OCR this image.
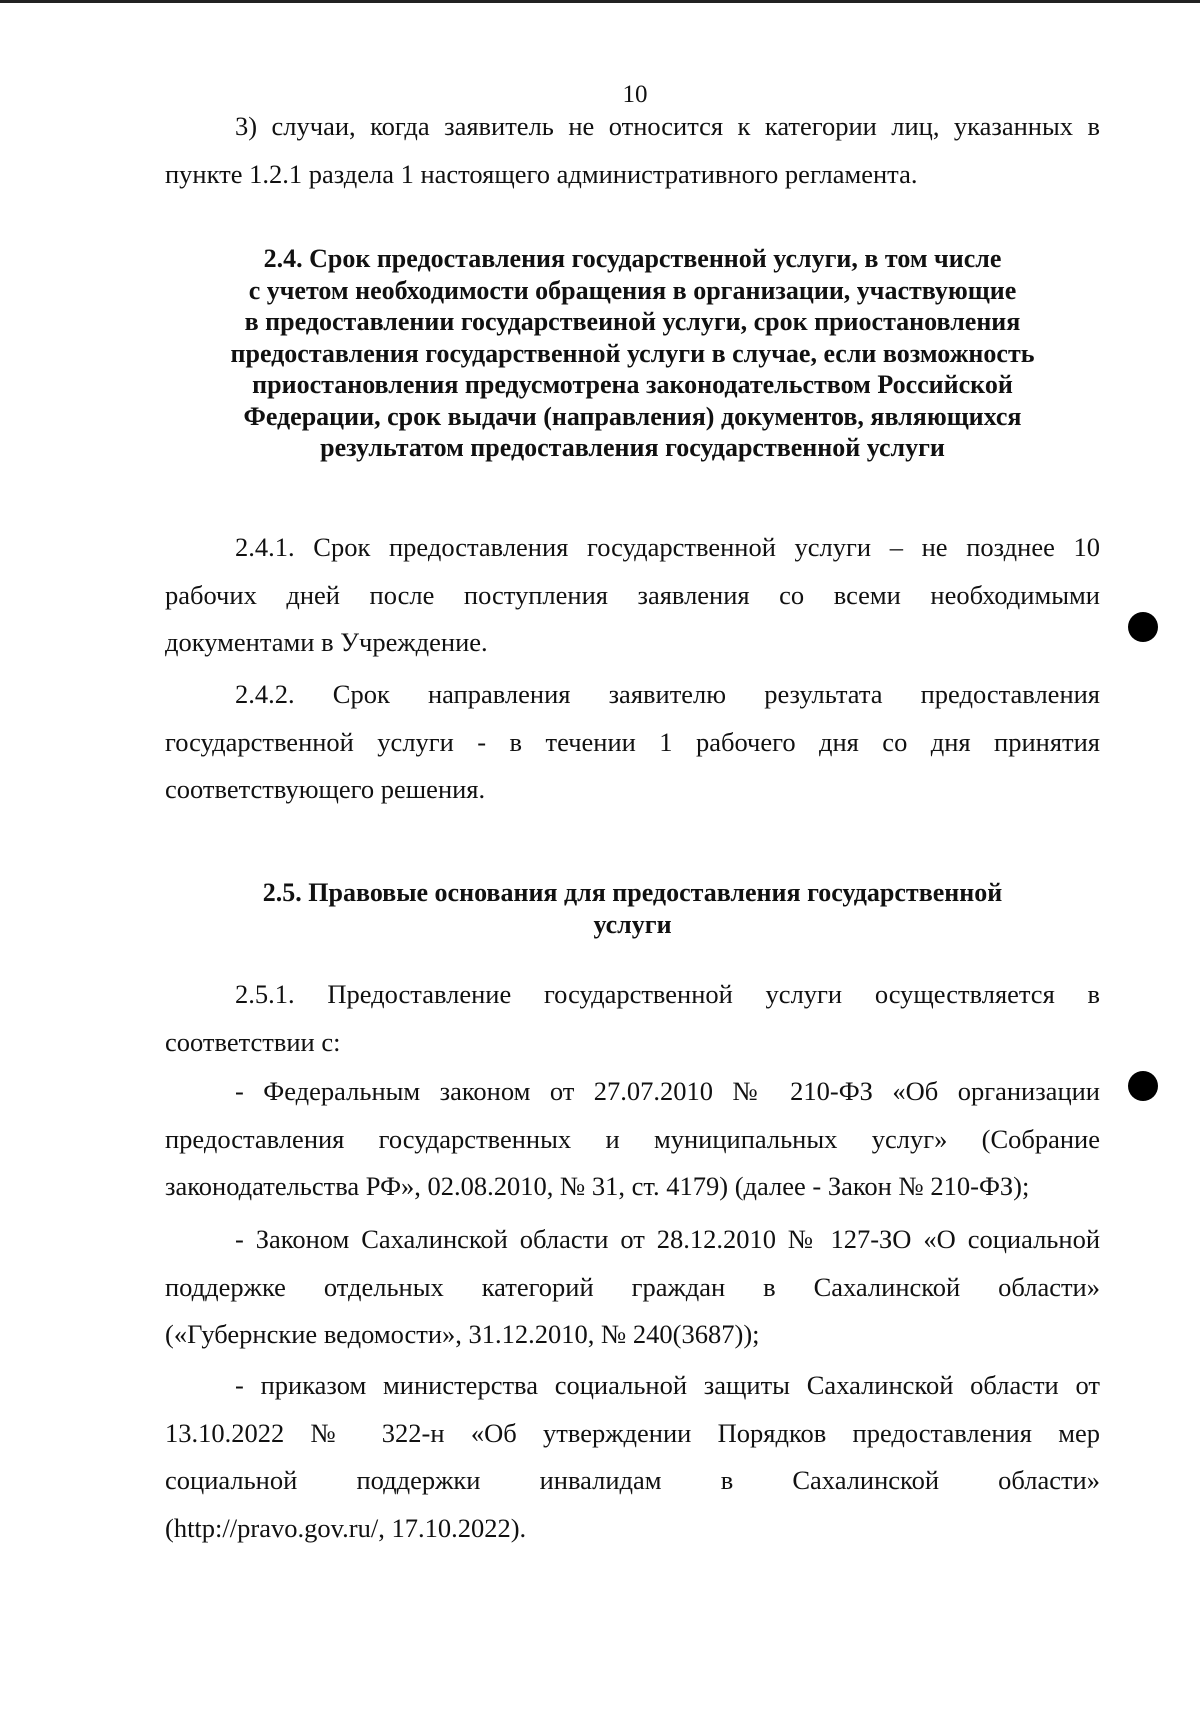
10
3) случаи, когда заявитель не относится к категории лиц, указанных в
пункте 1.2.1 раздела 1 настоящего административного регламента.
2.4. Срок предоставления государственной услуги, в том числе
с учетом необходимости обращения в организации, участвующие
в предоставлении государствеиной услуги, срок приостановления
предоставления государственной услуги в случае, если возможность
приостановления предусмотрена законодательством Российской
Федерации, срок выдачи (направления) документов, являющихся
результатом предоставления государственной услуги
2.4.1. Срок предоставления государственной услуги – не позднее 10
рабочих дней после поступления заявления со всеми необходимыми
документами в Учреждение.
2.4.2. Срок направления заявителю результата предоставления
государственной услуги - в течении 1 рабочего дня со дня принятия
соответствующего решения.
2.5. Правовые основания для предоставления государственной
услуги
2.5.1. Предоставление государственной услуги осуществляется в
соответствии с:
- Федеральным законом от 27.07.2010 № 210-ФЗ «Об организации
предоставления государственных и муниципальных услуг» (Собрание
законодательства РФ», 02.08.2010, № 31, ст. 4179) (далее - Закон № 210-ФЗ);
- Законом Сахалинской области от 28.12.2010 № 127-ЗО «О социальной
поддержке отдельных категорий граждан в Сахалинской области»
(«Губернские ведомости», 31.12.2010, № 240(3687));
- приказом министерства социальной защиты Сахалинской области от
13.10.2022 № 322-н «Об утверждении Порядков предоставления мер
социальной поддержки инвалидам в Сахалинской области»
(http://pravo.gov.ru/, 17.10.2022).
